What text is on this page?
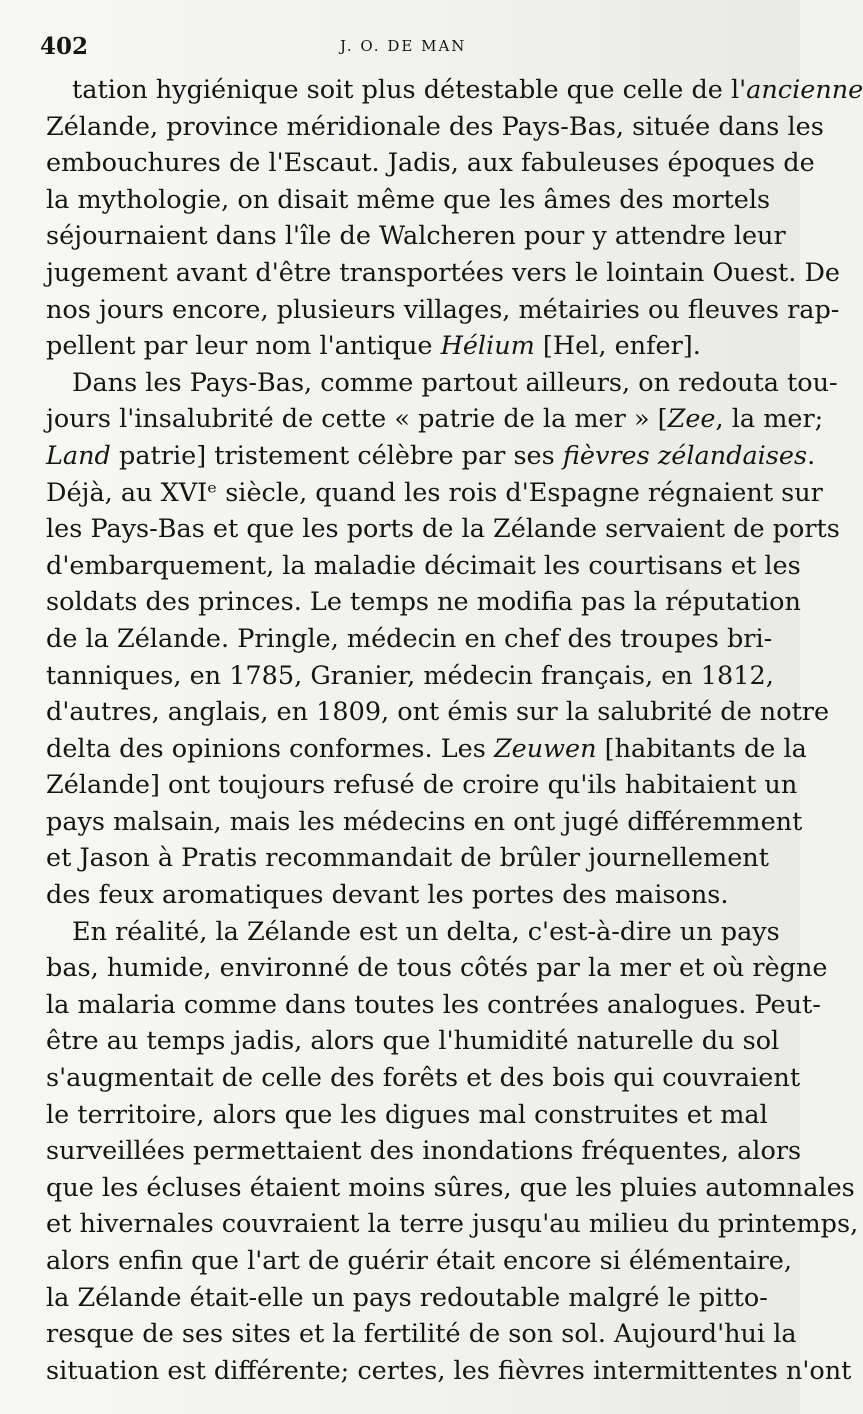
402	J. O. DE MAN
tation hygiénique soit plus détestable que celle de l'ancienne
Zélande, province méridionale des Pays-Bas, située dans les
embouchures de l'Escaut. Jadis, aux fabuleuses époques de
la mythologie, on disait même que les âmes des mortels
séjournaient dans l'île de Walcheren pour y attendre leur
jugement avant d'être transportées vers le lointain Ouest. De
nos jours encore, plusieurs villages, métairies ou fleuves rap-
pellent par leur nom l'antique Hélium [Hel, enfer].
Dans les Pays-Bas, comme partout ailleurs, on redouta tou-
jours l'insalubrité de cette « patrie de la mer » [Zee, la mer;
Land patrie] tristement célèbre par ses fièvres zélandaises.
Déjà, au XVIᵉ siècle, quand les rois d'Espagne régnaient sur
les Pays-Bas et que les ports de la Zélande servaient de ports
d'embarquement, la maladie décimait les courtisans et les
soldats des princes. Le temps ne modifia pas la réputation
de la Zélande. Pringle, médecin en chef des troupes bri-
tanniques, en 1785, Granier, médecin français, en 1812,
d'autres, anglais, en 1809, ont émis sur la salubrité de notre
delta des opinions conformes. Les Zeuwen [habitants de la
Zélande] ont toujours refusé de croire qu'ils habitaient un
pays malsain, mais les médecins en ont jugé différemment
et Jason à Pratis recommandait de brûler journellement
des feux aromatiques devant les portes des maisons.
En réalité, la Zélande est un delta, c'est-à-dire un pays
bas, humide, environné de tous côtés par la mer et où règne
la malaria comme dans toutes les contrées analogues. Peut-
être au temps jadis, alors que l'humidité naturelle du sol
s'augmentait de celle des forêts et des bois qui couvraient
le territoire, alors que les digues mal construites et mal
surveillées permettaient des inondations fréquentes, alors
que les écluses étaient moins sûres, que les pluies automnales
et hivernales couvraient la terre jusqu'au milieu du printemps,
alors enfin que l'art de guérir était encore si élémentaire,
la Zélande était-elle un pays redoutable malgré le pitto-
resque de ses sites et la fertilité de son sol. Aujourd'hui la
situation est différente; certes, les fièvres intermittentes n'ont
